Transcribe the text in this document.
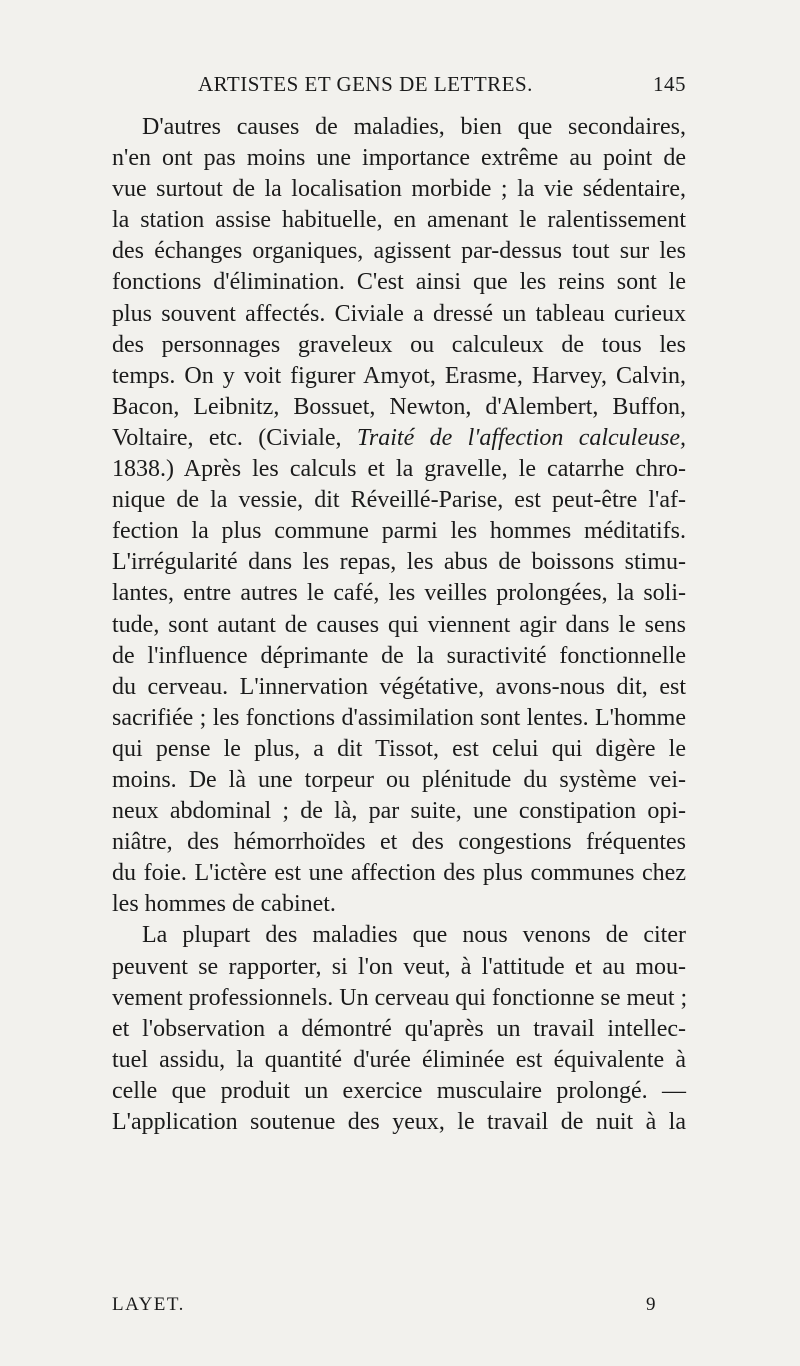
ARTISTES ET GENS DE LETTRES.	145
D'autres causes de maladies, bien que secondaires,
n'en ont pas moins une importance extrême au point de
vue surtout de la localisation morbide ; la vie sédentaire,
la station assise habituelle, en amenant le ralentissement
des échanges organiques, agissent par-dessus tout sur les
fonctions d'élimination. C'est ainsi que les reins sont le
plus souvent affectés. Civiale a dressé un tableau curieux
des personnages graveleux ou calculeux de tous les
temps. On y voit figurer Amyot, Erasme, Harvey, Calvin,
Bacon, Leibnitz, Bossuet, Newton, d'Alembert, Buffon,
Voltaire, etc. (Civiale, Traité de l'affection calculeuse,
1838.) Après les calculs et la gravelle, le catarrhe chro-
nique de la vessie, dit Réveillé-Parise, est peut-être l'af-
fection la plus commune parmi les hommes méditatifs.
L'irrégularité dans les repas, les abus de boissons stimu-
lantes, entre autres le café, les veilles prolongées, la soli-
tude, sont autant de causes qui viennent agir dans le sens
de l'influence déprimante de la suractivité fonctionnelle
du cerveau. L'innervation végétative, avons-nous dit, est
sacrifiée ; les fonctions d'assimilation sont lentes. L'homme
qui pense le plus, a dit Tissot, est celui qui digère le
moins. De là une torpeur ou plénitude du système vei-
neux abdominal ; de là, par suite, une constipation opi-
niâtre, des hémorrhoïdes et des congestions fréquentes
du foie. L'ictère est une affection des plus communes chez
les hommes de cabinet.
La plupart des maladies que nous venons de citer
peuvent se rapporter, si l'on veut, à l'attitude et au mou-
vement professionnels. Un cerveau qui fonctionne se meut ;
et l'observation a démontré qu'après un travail intellec-
tuel assidu, la quantité d'urée éliminée est équivalente à
celle que produit un exercice musculaire prolongé. —
L'application soutenue des yeux, le travail de nuit à la
LAYET.	9
